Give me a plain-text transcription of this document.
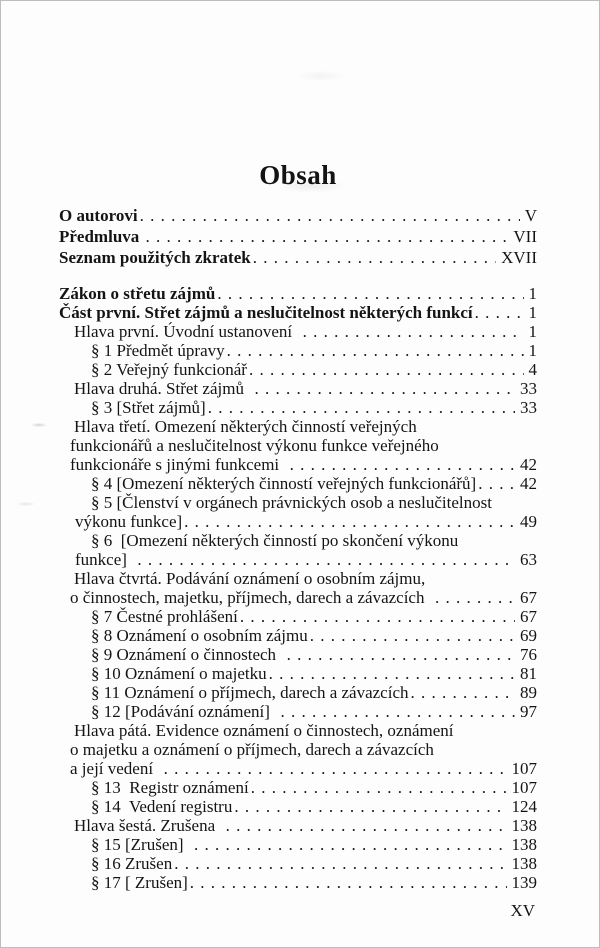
Obsah
O autorovi . . .	V
Předmluva . . .	VII
Seznam použitých zkratek . . .	XVII
Zákon o střetu zájmů . . .	1
Část první. Střet zájmů a neslučitelnost některých funkcí . . .	1
Hlava první. Úvodní ustanovení . . .	1
§ 1 Předmět úpravy . . .	1
§ 2 Veřejný funkcionář . . .	4
Hlava druhá. Střet zájmů . . .	33
§ 3 [Střet zájmů] . . .	33
Hlava třetí. Omezení některých činností veřejných
funkcionářů a neslučitelnost výkonu funkce veřejného
funkcionáře s jinými funkcemi . . .	42
§ 4 [Omezení některých činností veřejných funkcionářů] . . .	42
§ 5 [Členství v orgánech právnických osob a neslučitelnost
výkonu funkce] . . .	49
§ 6  [Omezení některých činností po skončení výkonu
funkce] . . .	63
Hlava čtvrtá. Podávání oznámení o osobním zájmu,
o činnostech, majetku, příjmech, darech a závazcích . . .	67
§ 7 Čestné prohlášení . . .	67
§ 8 Oznámení o osobním zájmu . . .	69
§ 9 Oznámení o činnostech . . .	76
§ 10 Oznámení o majetku . . .	81
§ 11 Oznámení o příjmech, darech a závazcích . . .	89
§ 12 [Podávání oznámení] . . .	97
Hlava pátá. Evidence oznámení o činnostech, oznámení
o majetku a oznámení o příjmech, darech a závazcích
a její vedení . . .	107
§ 13  Registr oznámení . . .	107
§ 14  Vedení registru . . .	124
Hlava šestá. Zrušena . . .	138
§ 15 [Zrušen] . . .	138
§ 16 Zrušen . . .	138
§ 17 [ Zrušen] . . .	139
XV
